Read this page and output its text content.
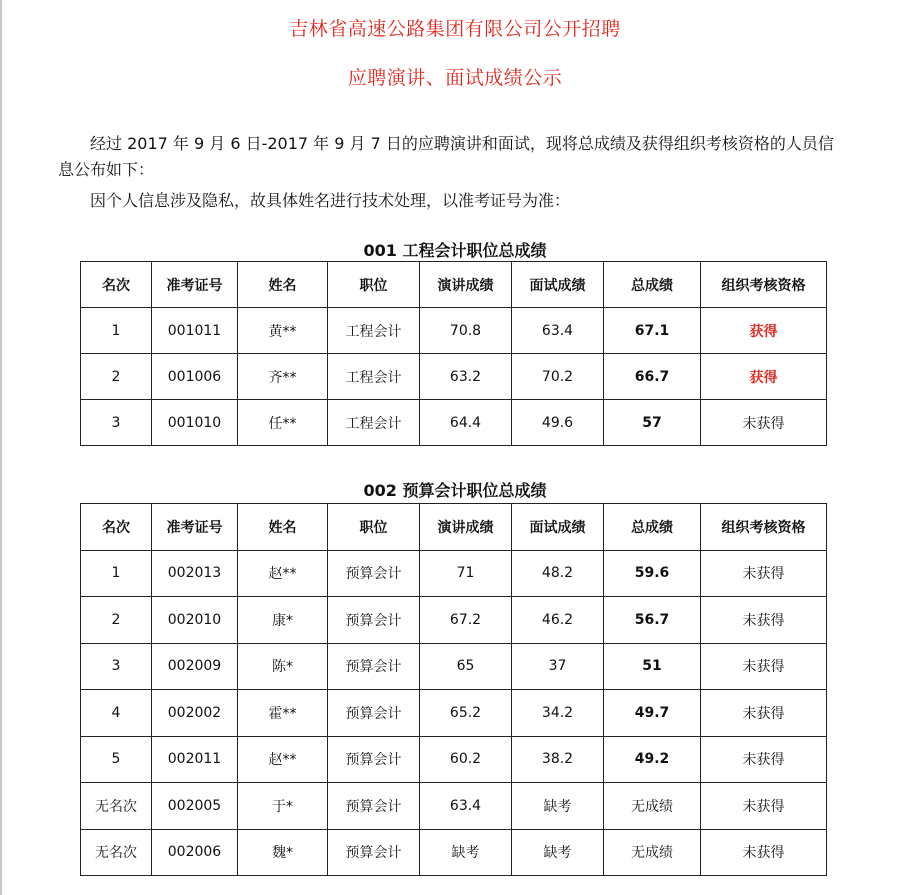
吉林省高速公路集团有限公司公开招聘
应聘演讲、面试成绩公示
经过 2017 年 9 月 6 日-2017 年 9 月 7 日的应聘演讲和面试，现将总成绩及获得组织考核资格的人员信息公布如下：
因个人信息涉及隐私，故具体姓名进行技术处理，以准考证号为准：
001 工程会计职位总成绩
名次	准考证号	姓名	职位	演讲成绩	面试成绩	总成绩	组织考核资格
1	001011	黄**	工程会计	70.8	63.4	67.1	获得
2	001006	齐**	工程会计	63.2	70.2	66.7	获得
3	001010	任**	工程会计	64.4	49.6	57	未获得
002 预算会计职位总成绩
名次	准考证号	姓名	职位	演讲成绩	面试成绩	总成绩	组织考核资格
1	002013	赵**	预算会计	71	48.2	59.6	未获得
2	002010	康*	预算会计	67.2	46.2	56.7	未获得
3	002009	陈*	预算会计	65	37	51	未获得
4	002002	霍**	预算会计	65.2	34.2	49.7	未获得
5	002011	赵**	预算会计	60.2	38.2	49.2	未获得
无名次	002005	于*	预算会计	63.4	缺考	无成绩	未获得
无名次	002006	魏*	预算会计	缺考	缺考	无成绩	未获得
